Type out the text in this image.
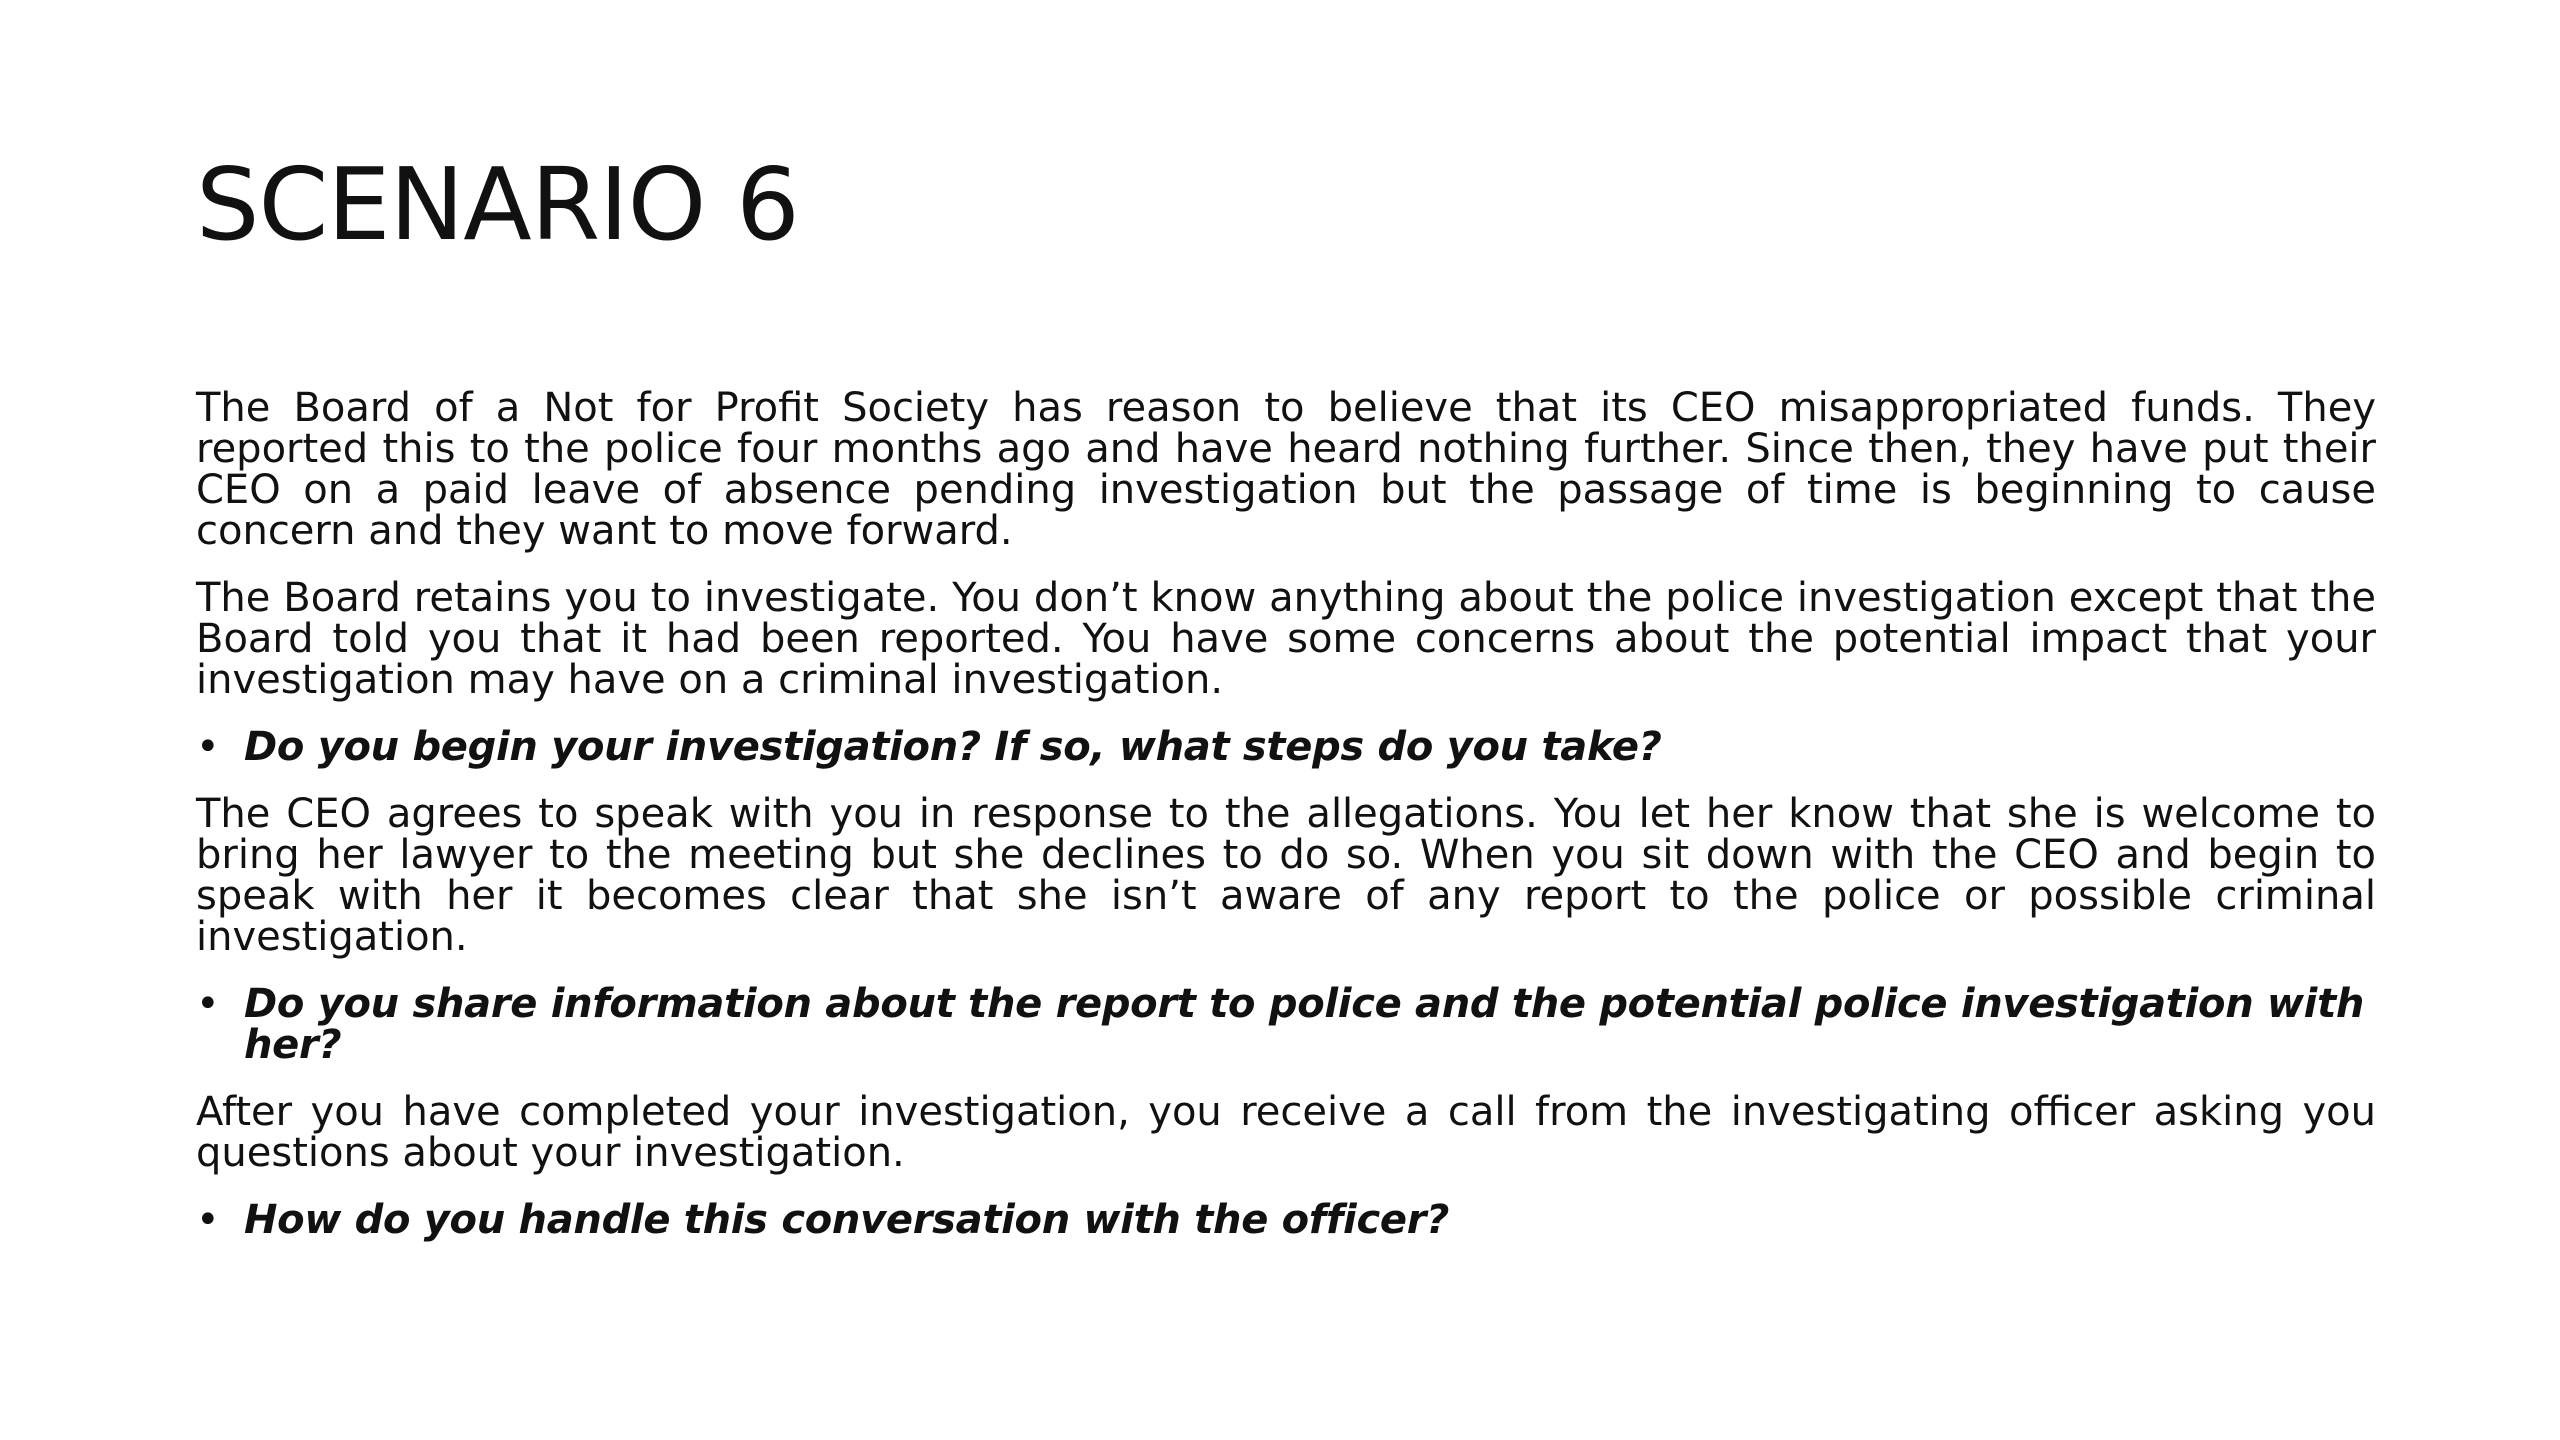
SCENARIO 6

The Board of a Not for Profit Society has reason to believe that its CEO misappropriated funds. They reported this to the police four months ago and have heard nothing further. Since then, they have put their CEO on a paid leave of absence pending investigation but the passage of time is beginning to cause concern and they want to move forward.

The Board retains you to investigate. You don’t know anything about the police investigation except that the Board told you that it had been reported. You have some concerns about the potential impact that your investigation may have on a criminal investigation.

• Do you begin your investigation? If so, what steps do you take?

The CEO agrees to speak with you in response to the allegations. You let her know that she is welcome to bring her lawyer to the meeting but she declines to do so. When you sit down with the CEO and begin to speak with her it becomes clear that she isn’t aware of any report to the police or possible criminal investigation.

• Do you share information about the report to police and the potential police investigation with her?

After you have completed your investigation, you receive a call from the investigating officer asking you questions about your investigation.

• How do you handle this conversation with the officer?
